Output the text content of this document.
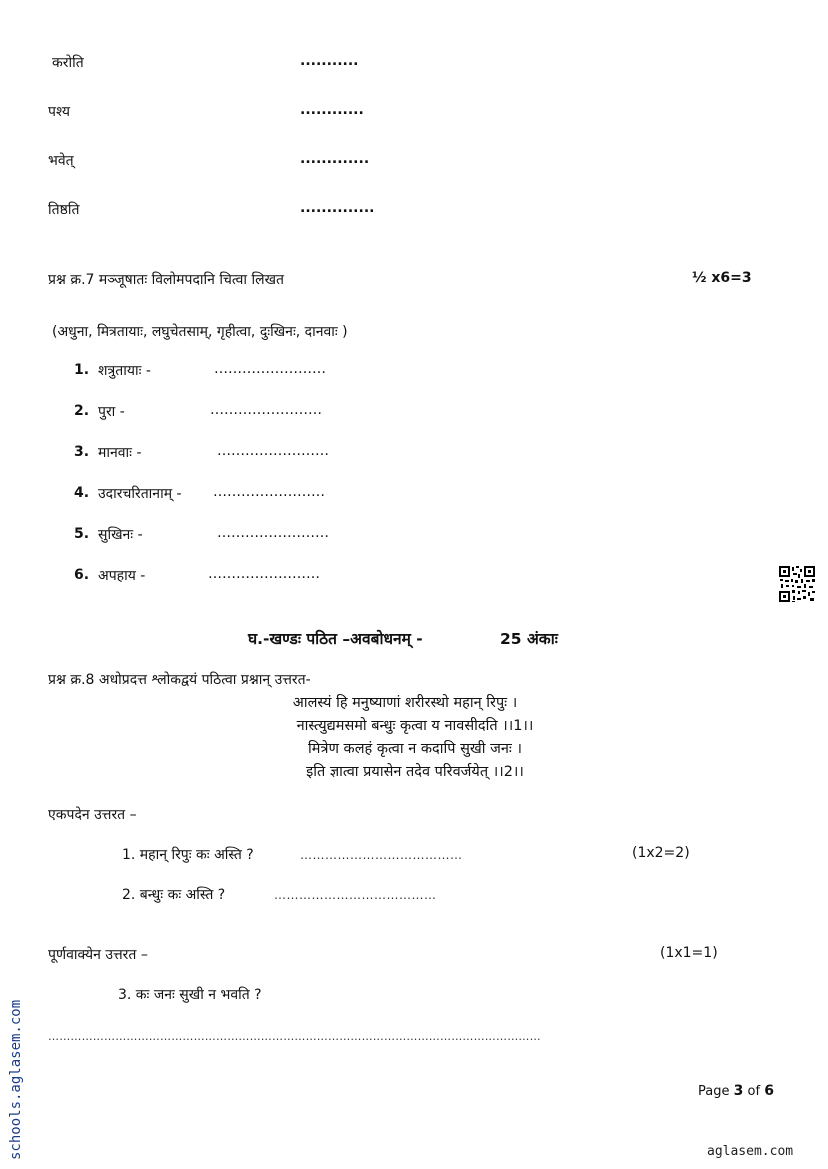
करोति	...........
पश्य	............
भवेत्	.............
तिष्ठति	..............
प्रश्न क्र.7 मञ्जूषातः विलोमपदानि चित्वा लिखत	½ x6=3
(अधुना, मित्रतायाः, लघुचेतसाम्, गृहीत्वा, दुःखिनः, दानवाः )
1. शत्रुतायाः -	……………………
2. पुरा -	……………………
3. मानवाः -	……………………
4. उदारचरितानाम् - ……………………
5. सुखिनः -	……………………
6. अपहाय -	……………………
घ.-खण्डः पठित –अवबोधनम् -	25 अंकाः
प्रश्न क्र.8 अधोप्रदत्त श्लोकद्वयं पठित्वा प्रश्नान् उत्तरत-
आलस्यं हि मनुष्याणां शरीरस्थो महान् रिपुः ।
नास्त्युद्यमसमो बन्धुः कृत्वा य नावसीदति ।।1।।
मित्रेण कलहं कृत्वा न कदापि सुखी जनः ।
इति ज्ञात्वा प्रयासेन तदेव परिवर्जयेत् ।।2।।
एकपदेन उत्तरत –
1. महान् रिपुः कः अस्ति ?	…………………………………	(1x2=2)
2. बन्धुः कः अस्ति ?	…………………………………
पूर्णवाक्येन उत्तरत –	(1x1=1)
3. कः जनः सुखी न भवति ?
……………………………………………………………………………………………………………………
Page 3 of 6
schools.aglasem.com	aglasem.com
